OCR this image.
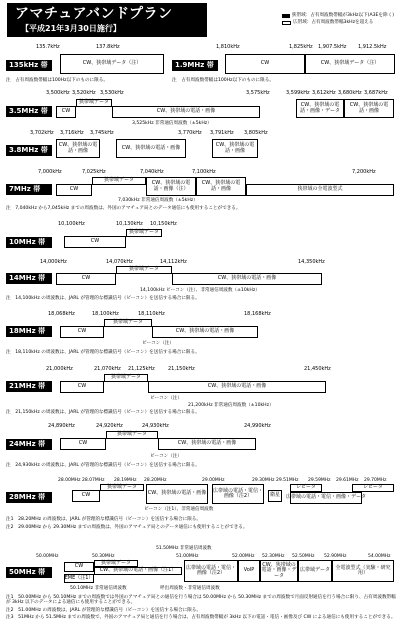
アマチュアバンドプラン
【平成21年3月30日施行】
狭帯域：占有周波数帯幅が3kHz以下(A3Eを除く)
広帯域：占有周波数帯幅3kHzを超える
135.7kHz	137.8kHz
135kHz 帯	CW、狭帯域データ（注）
注　占有周波数帯幅は100Hz以下のものに限る。
1,810kHz	1,825kHz 1,907.5kHz 1,912.5kHz
1.9MHz 帯	CW	CW、狭帯域データ（注）
注　占有周波数帯幅は100Hz以下のものに限る。
3,500kHz 3,520kHz 3,530kHz	3,575kHz	3,599kHz 3,612kHz 3,680kHz 3,687kHz
3.5MHz 帯	CW
狭帯域データ
CW、狭帯域の電話・画像
CW、狭帯域の電話・画像・データ
CW、狭帯域の電話・画像
3,525kHz 非常通信周波数（±5kHz）
3,702kHz 3,716kHz 3,745kHz	3,770kHz 3,791kHz 3,805kHz
3.8MHz 帯
CW、狭帯域の電話・画像	CW、狭帯域の電話・画像	CW、狭帯域の電話・画像
7,000kHz	7,025kHz	7,040kHz	7,100kHz	7,200kHz
7MHz 帯	CW
狭帯域データ	CW、狭帯域の電話・画像（注）
CW、狭帯域の電話・画像	狭帯域の全電波型式
7,030kHz 非常通信周波数（±5kHz）
注　7,040kHz から7,045kHz までの周波数は、外国のアマチュア局とのデータ通信にも使用することができる。
10,100kHz	10,130kHz 10,150kHz
10MHz 帯	CW
狭帯域データ
14,000kHz	14,070kHz	14,112kHz	14,350kHz
14MHz 帯	CW
狭帯域データ
CW、狭帯域の電話・画像
14,100kHz ビーコン（注）、非常通信周波数（±10kHz）
注　14,100kHz の周波数は、JARL が管理的な標識信号（ビーコン）を送信する場合に限る。
18,068kHz	18,100kHz	18,110kHz	18,168kHz
18MHz 帯	CW
狭帯域データ
CW、狭帯域の電話・画像
ビーコン（注）
注　18,110kHz の周波数は、JARL が管理的な標識信号（ビーコン）を送信する場合に限る。
21,000kHz	21,070kHz 21,125kHz	21,150kHz	21,450kHz
21MHz 帯	CW
狭帯域データ
CW、狭帯域の電話・画像
ビーコン（注）
21,200kHz 非常通信周波数（±10kHz）
注　21,150kHz の周波数は、JARL が管理的な標識信号（ビーコン）を送信する場合に限る。
24,890kHz	24,920kHz	24,930kHz	24,990kHz
24MHz 帯	CW
狭帯域データ
CW、狭帯域の電話・画像
ビーコン（注）
注　24,930kHz の周波数は、JARL が管理的な標識信号（ビーコン）を送信する場合に限る。
28.00MHz 28.07MHz 28.19MHz 28.20MHz	29.00MHz	29.30MHz 29.51MHz 29.59MHz 29.61MHz 29.70MHz
28MHz 帯	CW
狭帯域データ
CW、狭帯域の電話・画像	広帯域の電話・電信・画像（注2）	衛星
レピータ
広帯域の電話・電信・画像・データ
レピータ
ビーコン（注1）、非常通信周波数
注1　28.20MHz の周波数は、JARL が管理的な標識信号（ビーコン）を送信する場合に限る。
注2　29.00MHz から 29.30MHz までの周波数は、外国のアマチュア局とのデータ通信にも使用することができる。
51.50MHz 非常通信周波数
50.00MHz	50.30MHz	51.00MHz	52.00MHz 52.30MHz 52.50MHz 52.90MHz	54.00MHz
50MHz 帯
CW
狭帯域データ
CW、狭帯域の電話・画像（注1）
EME（注1）
広帯域の電話・電信・画像（注2）	VoIP
CW、狭帯域の電話・画像・データ
広帯域データ	全電波型式（実験・研究用）
50.10MHz 非常通信周波数	呼出周波数・非常通信周波数
注1　50.00MHz から 50.10MHz までの周波数では外国のアマチュア局との通信を行う場合は 50.00MHz から 50.30MHz までの周波数で月面反射通信を行う場合に限り、占有周波数帯幅が 3kHz 以下のデータによる通信にも使用することができる。
注2　51.00MHz の周波数は、JARL が管理的な標識信号（ビーコン）を送信する場合に限る。
注3　51MHz から 51.5MHz までの周波数で、外国のアマチュア局と通信を行う場合は、占有周波数帯幅が 3kHz 以下の電話・電信・画像及び CW による通信にも使用することができる。
